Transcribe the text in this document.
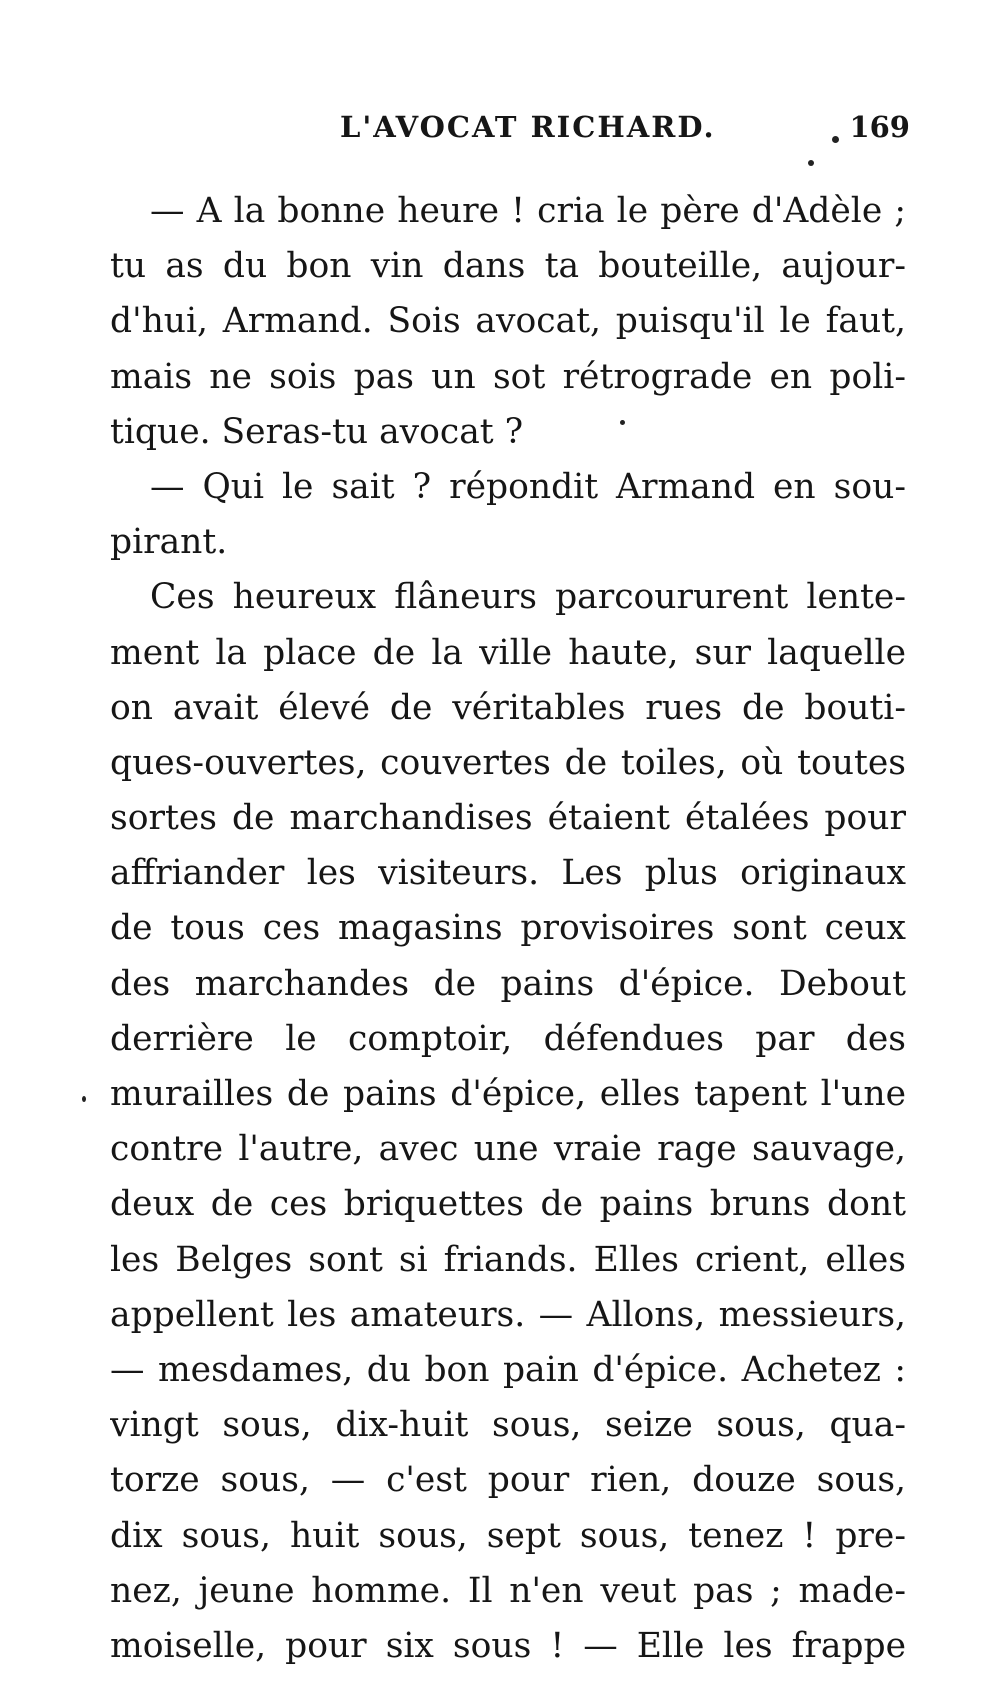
L'AVOCAT RICHARD.	169
— A la bonne heure ! cria le père d'Adèle ;
tu as du bon vin dans ta bouteille, aujour-
d'hui, Armand. Sois avocat, puisqu'il le faut,
mais ne sois pas un sot rétrograde en poli-
tique. Seras-tu avocat ?
— Qui le sait ? répondit Armand en sou-
pirant.
Ces heureux flâneurs parcoururent lente-
ment la place de la ville haute, sur laquelle
on avait élevé de véritables rues de bouti-
ques-ouvertes, couvertes de toiles, où toutes
sortes de marchandises étaient étalées pour
affriander les visiteurs. Les plus originaux
de tous ces magasins provisoires sont ceux
des marchandes de pains d'épice. Debout
derrière le comptoir, défendues par des
murailles de pains d'épice, elles tapent l'une
contre l'autre, avec une vraie rage sauvage,
deux de ces briquettes de pains bruns dont
les Belges sont si friands. Elles crient, elles
appellent les amateurs. — Allons, messieurs,
— mesdames, du bon pain d'épice. Achetez :
vingt sous, dix-huit sous, seize sous, qua-
torze sous, — c'est pour rien, douze sous,
dix sous, huit sous, sept sous, tenez ! pre-
nez, jeune homme. Il n'en veut pas ; made-
moiselle, pour six sous ! — Elle les frappe
